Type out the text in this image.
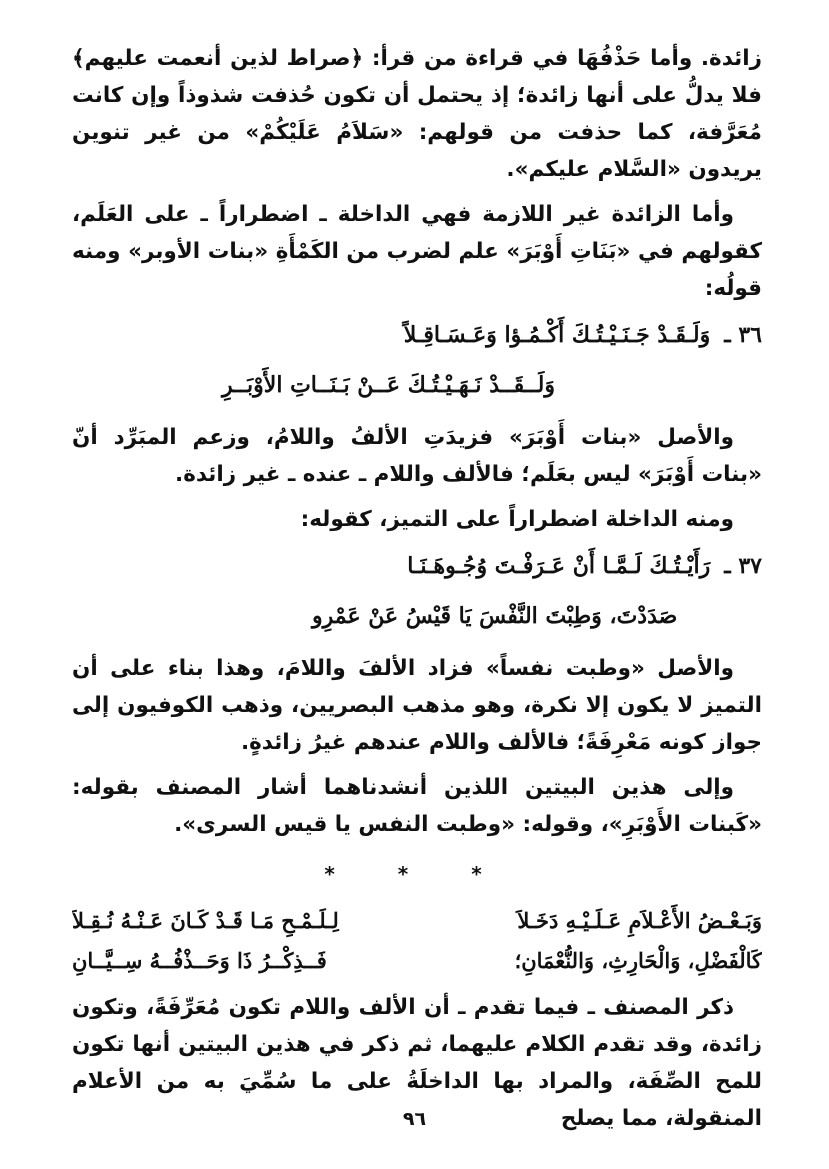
زائدة. وأما حَذْفُهَا في قراءة من قرأ: ﴿صراط لذين أنعمت عليهم﴾ فلا يدلُّ على أنها زائدة؛ إذ يحتمل أن تكون حُذفت شذوذاً وإن كانت مُعَرَّفة، كما حذفت من قولهم: «سَلاَمُ عَلَيْكُمْ» من غير تنوين يريدون «السَّلام عليكم».

وأما الزائدة غير اللازمة فهي الداخلة ـ اضطراراً ـ على العَلَم، كقولهم في «بَنَاتِ أَوْبَرَ» علم لضرب من الكَمْأَةِ «بنات الأوبر» ومنه قولُه:

٣٦ ـوَلَـقَـدْ جَـنَـيْـتُـكَ أَكْـمُـؤا وَعَـسَـاقِـلاً
وَلَــقَــدْ نَـهَـيْـتُـكَ عَــنْ بَـنَــاتِ الأَوْبَــرِ

والأصل «بنات أَوْبَرَ» فزيدَتِ الألفُ واللامُ، وزعم المبَرِّد أنّ «بنات أَوْبَرَ» ليس بعَلَم؛ فالألف واللام ـ عنده ـ غير زائدة.

ومنه الداخلة اضطراراً على التميز، كقوله:

٣٧ ـرَأَيْـتُـكَ لَـمَّـا أَنْ عَـرَفْـتَ وُجُـوهَـنَـا
صَدَدْتَ، وَطِبْتَ النَّفْسَ يَا قَيْسُ عَنْ عَمْرِو

والأصل «وطبت نفساً» فزاد الألفَ واللامَ، وهذا بناء على أن التميز لا يكون إلا نكرة، وهو مذهب البصريين، وذهب الكوفيون إلى جواز كونه مَعْرِفَةً؛ فالألف واللام عندهم غيرُ زائدةٍ.

وإلى هذين البيتين اللذين أنشدناهما أشار المصنف بقوله: «كَبنات الأَوْبَرِ»، وقوله: «وطبت النفس يا قيس السرى».

* * *
وَبَـعْـضُ الأَعْـلاَمِ عَـلَـيْـهِ دَخَـلاَ
لِـلَـمْـحِ مَـا قَـدْ كَـانَ عَـنْـهُ نُـقِـلاَ
كَالْفَضْلِ، وَالْحَارِثِ، وَالنُّعْمَانِ؛
فَــذِكْــرُ ذَا وَحَــذْفُــهُ سِــيَّــانِ

ذكر المصنف ـ فيما تقدم ـ أن الألف واللام تكون مُعَرِّفَةً، وتكون زائدة، وقد تقدم الكلام عليهما، ثم ذكر في هذين البيتين أنها تكون للمح الصِّفَة، والمراد بها الداخلَةُ على ما سُمِّيَ به من الأعلام المنقولة، مما يصلح

٩٦
